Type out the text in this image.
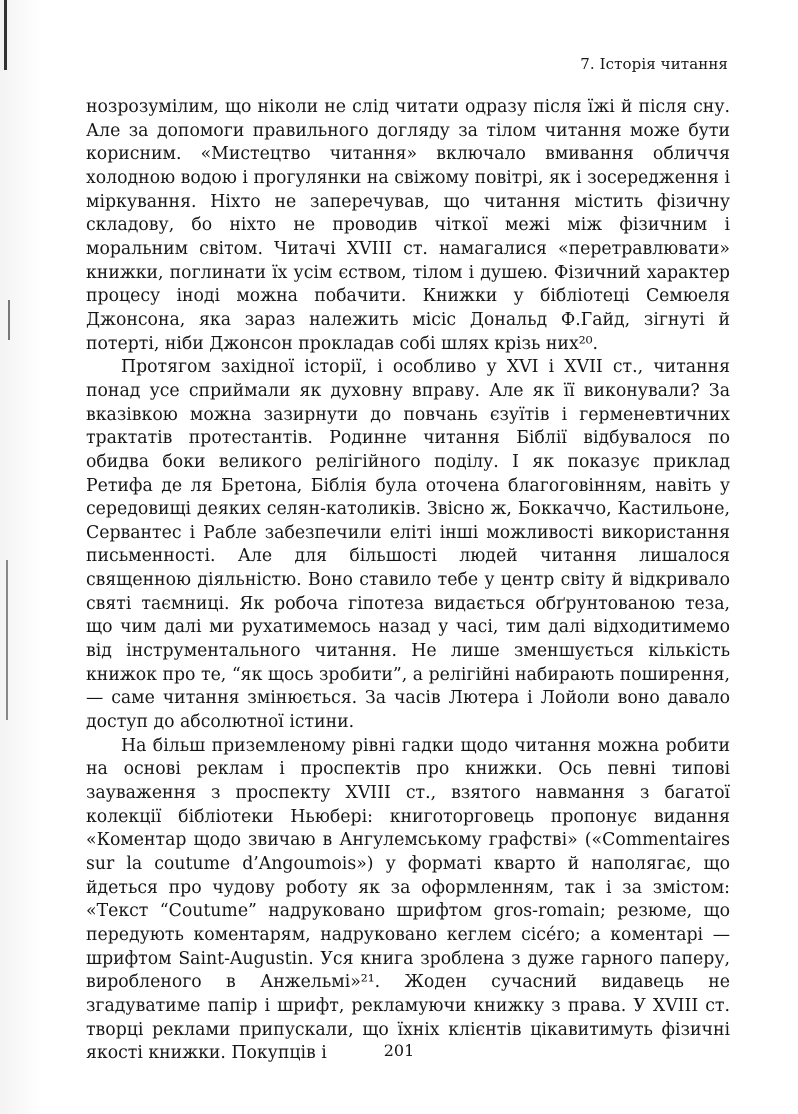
7. Історія читання

нозрозумілим, що ніколи не слід читати одразу після їжі й після сну. Але за допомоги правильного догляду за тілом читання може бути корисним. «Мистецтво читання» включало вмивання обличчя холодною водою і прогулянки на свіжому повітрі, як і зосередження і міркування. Ніхто не заперечував, що читання містить фізичну складову, бо ніхто не проводив чіткої межі між фізичним і моральним світом. Читачі XVIII ст. намагалися «перетравлювати» книжки, поглинати їх усім єством, тілом і душею. Фізичний характер процесу іноді можна побачити. Книжки у бібліотеці Семюеля Джонсона, яка зараз належить місіс Дональд Ф.Гайд, зігнуті й потерті, ніби Джонсон прокладав собі шлях крізь них²⁰.

Протягом західної історії, і особливо у XVI і XVII ст., читання понад усе сприймали як духовну вправу. Але як її виконували? За вказівкою можна зазирнути до повчань єзуїтів і герменевтичних трактатів протестантів. Родинне читання Біблії відбувалося по обидва боки великого релігійного поділу. І як показує приклад Ретифа де ля Бретона, Біблія була оточена благоговінням, навіть у середовищі деяких селян-католиків. Звісно ж, Боккаччо, Кастильоне, Сервантес і Рабле забезпечили еліті інші можливості використання письменності. Але для більшості людей читання лишалося священною діяльністю. Воно ставило тебе у центр світу й відкривало святі таємниці. Як робоча гіпотеза видається обґрунтованою теза, що чим далі ми рухатимемось назад у часі, тим далі відходитимемо від інструментального читання. Не лише зменшується кількість книжок про те, “як щось зробити”, а релігійні набирають поширення, — саме читання змінюється. За часів Лютера і Лойоли воно давало доступ до абсолютної істини.

На більш приземленому рівні гадки щодо читання можна робити на основі реклам і проспектів про книжки. Ось певні типові зауваження з проспекту XVIII ст., взятого навмання з багатої колекції бібліотеки Ньюбері: книготорговець пропонує видання «Коментар щодо звичаю в Ангулемському графстві» («Commentaires sur la coutume d’Angoumois») у форматі кварто й наполягає, що йдеться про чудову роботу як за оформленням, так і за змістом: «Текст “Coutume” надруковано шрифтом gros-romain; резюме, що передують коментарям, надруковано кеглем cicéro; а коментарі — шрифтом Saint-Augustin. Уся книга зроблена з дуже гарного паперу, виробленого в Анжельмі»²¹. Жоден сучасний видавець не згадуватиме папір і шрифт, рекламуючи книжку з права. У XVIII ст. творці реклами припускали, що їхніх клієнтів цікавитимуть фізичні якості книжки. Покупців і	201
